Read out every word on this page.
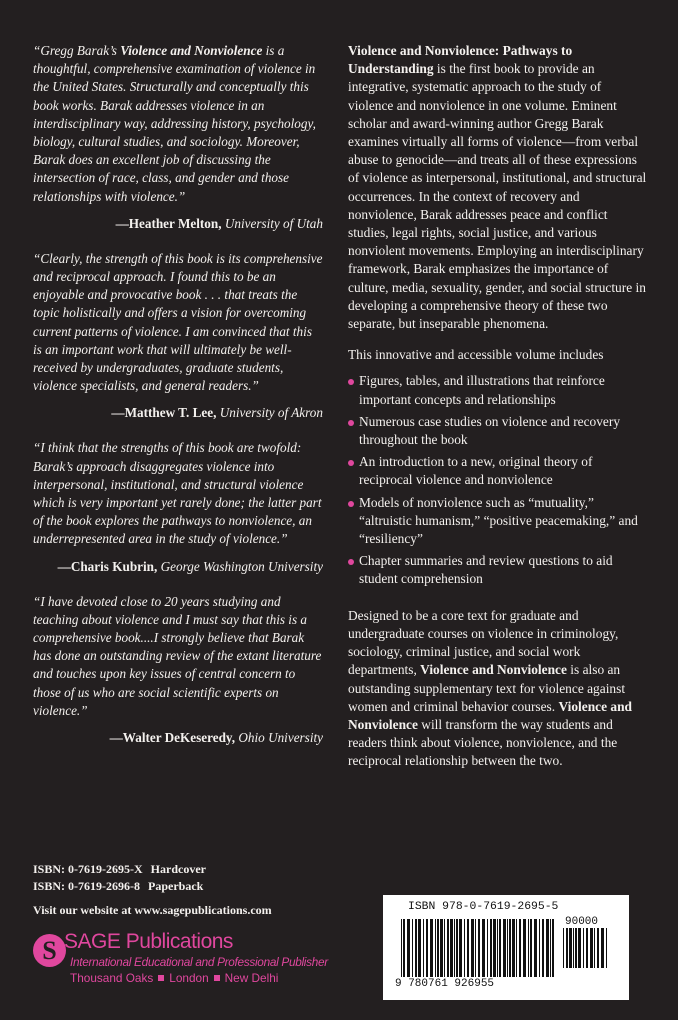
“Gregg Barak’s Violence and Nonviolence is a thoughtful, comprehensive examination of violence in the United States. Structurally and conceptually this book works. Barak addresses violence in an interdisciplinary way, addressing history, psychology, biology, cultural studies, and sociology. Moreover, Barak does an excellent job of discussing the intersection of race, class, and gender and those relationships with violence.”

—Heather Melton, University of Utah

“Clearly, the strength of this book is its comprehensive and reciprocal approach. I found this to be an enjoyable and provocative book . . . that treats the topic holistically and offers a vision for overcoming current patterns of violence. I am convinced that this is an important work that will ultimately be well-received by undergraduates, graduate students, violence specialists, and general readers.”

—Matthew T. Lee, University of Akron

“I think that the strengths of this book are twofold: Barak’s approach disaggregates violence into interpersonal, institutional, and structural violence which is very important yet rarely done; the latter part of the book explores the pathways to nonviolence, an underrepresented area in the study of violence.”

—Charis Kubrin, George Washington University

“I have devoted close to 20 years studying and teaching about violence and I must say that this is a comprehensive book....I strongly believe that Barak has done an outstanding review of the extant literature and touches upon key issues of central concern to those of us who are social scientific experts on violence.”

—Walter DeKeseredy, Ohio University

Violence and Nonviolence: Pathways to Understanding is the first book to provide an integrative, systematic approach to the study of violence and nonviolence in one volume. Eminent scholar and award-winning author Gregg Barak examines virtually all forms of violence—from verbal abuse to genocide—and treats all of these expressions of violence as interpersonal, institutional, and structural occurrences. In the context of recovery and nonviolence, Barak addresses peace and conflict studies, legal rights, social justice, and various nonviolent movements. Employing an interdisciplinary framework, Barak emphasizes the importance of culture, media, sexuality, gender, and social structure in developing a comprehensive theory of these two separate, but inseparable phenomena.

This innovative and accessible volume includes

Figures, tables, and illustrations that reinforce important concepts and relationships
Numerous case studies on violence and recovery throughout the book
An introduction to a new, original theory of reciprocal violence and nonviolence
Models of nonviolence such as “mutuality,” “altruistic humanism,” “positive peacemaking,” and “resiliency”
Chapter summaries and review questions to aid student comprehension

Designed to be a core text for graduate and undergraduate courses on violence in criminology, sociology, criminal justice, and social work departments, Violence and Nonviolence is also an outstanding supplementary text for violence against women and criminal behavior courses. Violence and Nonviolence will transform the way students and readers think about violence, nonviolence, and the reciprocal relationship between the two.

ISBN: 0-7619-2695-X Hardcover
ISBN: 0-7619-2696-8 Paperback
Visit our website at www.sagepublications.com
S SAGE Publications
International Educational and Professional Publisher
Thousand Oaks London New Delhi
ISBN 978-0-7619-2695-5
90000
9 780761 926955
